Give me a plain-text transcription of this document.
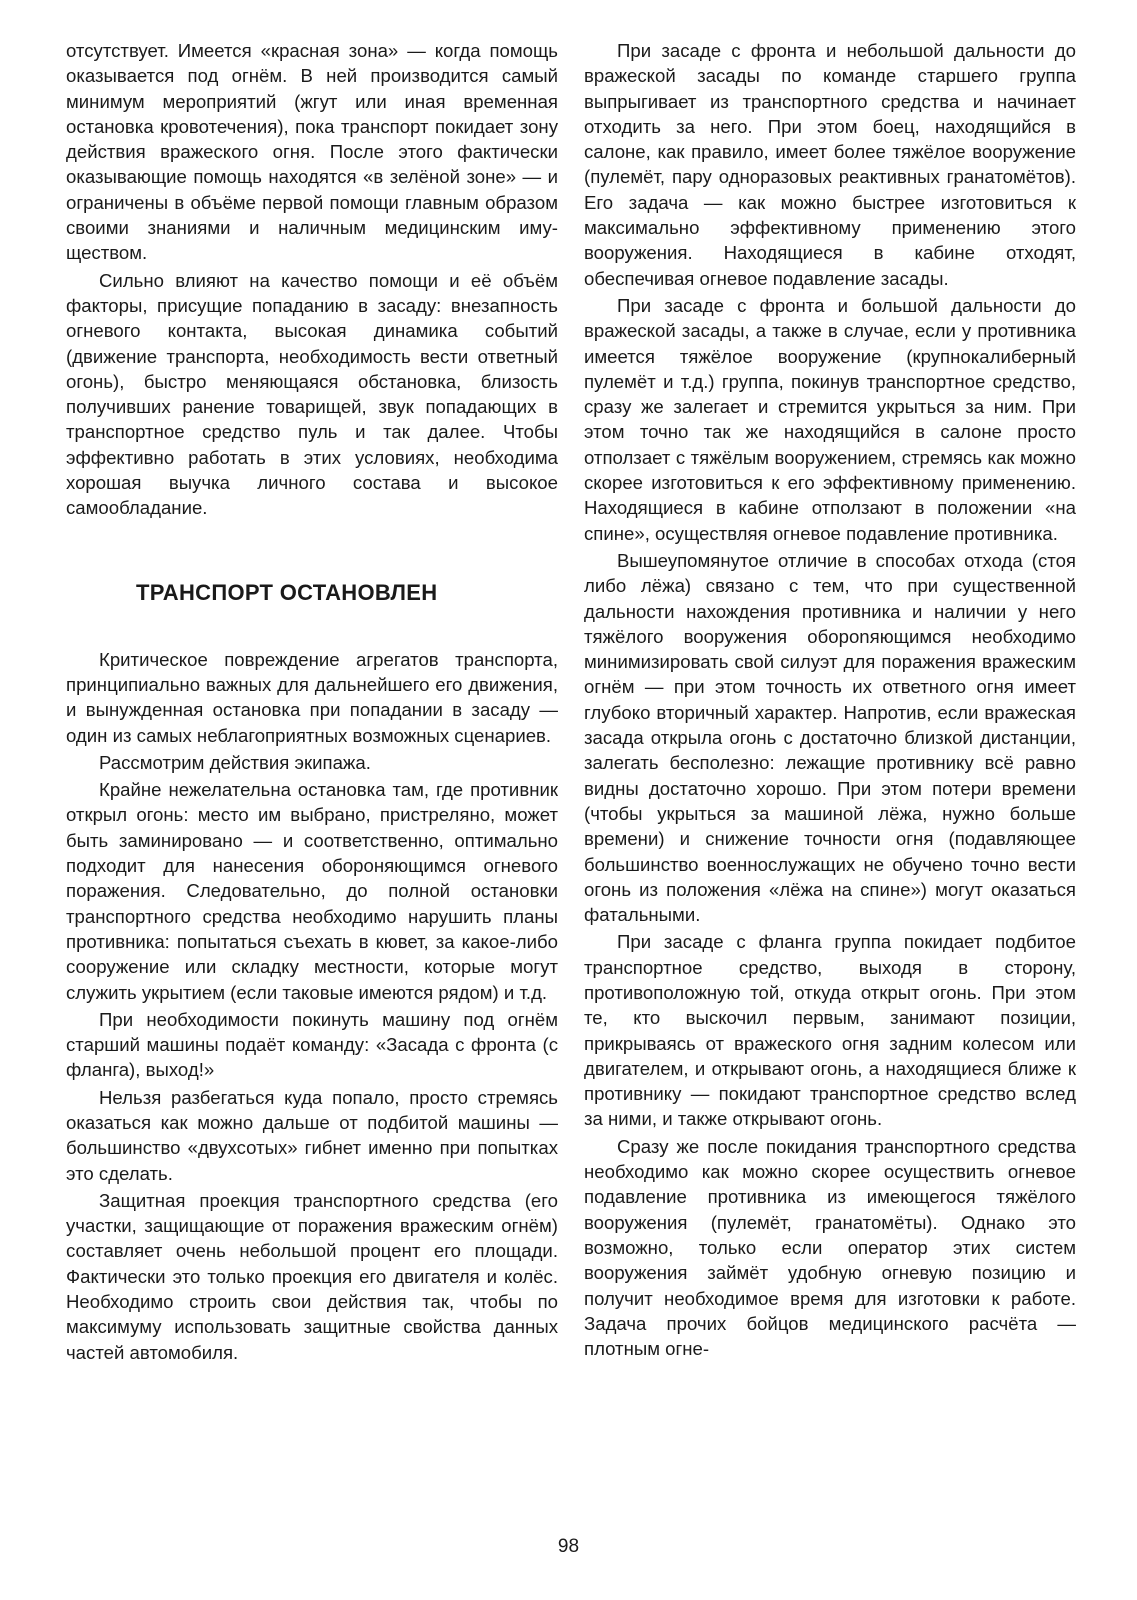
отсутствует. Имеется «красная зона» — когда помощь оказывается под огнём. В ней производится самый минимум мероприятий (жгут или иная временная остановка кровотечения), пока транспорт покидает зону действия вражеского огня. После этого фактически оказывающие помощь находятся «в зелёной зоне» — и ограничены в объёме первой помощи главным образом своими знаниями и наличным медицинским имуществом.

Сильно влияют на качество помощи и её объём факторы, присущие попаданию в засаду: внезапность огневого контакта, высокая динамика событий (движение транспорта, необходимость вести ответный огонь), быстро меняющаяся обстановка, близость получивших ранение товарищей, звук попадающих в транспортное средство пуль и так далее. Чтобы эффективно работать в этих условиях, необходима хорошая выучка личного состава и высокое самообладание.

ТРАНСПОРТ ОСТАНОВЛЕН

Критическое повреждение агрегатов транспорта, принципиально важных для дальнейшего его движения, и вынужденная остановка при попадании в засаду — один из самых неблагоприятных возможных сценариев.

Рассмотрим действия экипажа.

Крайне нежелательна остановка там, где противник открыл огонь: место им выбрано, пристреляно, может быть заминировано — и соответственно, оптимально подходит для нанесения обороняющимся огневого поражения. Следовательно, до полной остановки транспортного средства необходимо нарушить планы противника: попытаться съехать в кювет, за какое-либо сооружение или складку местности, которые могут служить укрытием (если таковые имеются рядом) и т.д.

При необходимости покинуть машину под огнём старший машины подаёт команду: «Засада с фронта (с фланга), выход!»

Нельзя разбегаться куда попало, просто стремясь оказаться как можно дальше от подбитой машины — большинство «двухсотых» гибнет именно при попытках это сделать.

Защитная проекция транспортного средства (его участки, защищающие от поражения вражеским огнём) составляет очень небольшой процент его площади. Фактически это только проекция его двигателя и колёс. Необходимо строить свои действия так, чтобы по максимуму использовать защитные свойства данных частей автомобиля.

При засаде с фронта и небольшой дальности до вражеской засады по команде старшего группа выпрыгивает из транспортного средства и начинает отходить за него. При этом боец, находящийся в салоне, как правило, имеет более тяжёлое вооружение (пулемёт, пару одноразовых реактивных гранатомётов). Его задача — как можно быстрее изготовиться к максимально эффективному применению этого вооружения. Находящиеся в кабине отходят, обеспечивая огневое подавление засады.

При засаде с фронта и большой дальности до вражеской засады, а также в случае, если у противника имеется тяжёлое вооружение (крупнокалиберный пулемёт и т.д.) группа, покинув транспортное средство, сразу же залегает и стремится укрыться за ним. При этом точно так же находящийся в салоне просто отползает с тяжёлым вооружением, стремясь как можно скорее изготовиться к его эффективному применению. Находящиеся в кабине отползают в положении «на спине», осуществляя огневое подавление противника.

Вышеупомянутое отличие в способах отхода (стоя либо лёжа) связано с тем, что при существенной дальности нахождения противника и наличии у него тяжёлого вооружения оборonяющимся необходимо минимизировать свой силуэт для поражения вражеским огнём — при этом точность их ответного огня имеет глубоко вторичный характер. Напротив, если вражеская засада открыла огонь с достаточно близкой дистанции, залегать бесполезно: лежащие противнику всё равно видны достаточно хорошо. При этом потери времени (чтобы укрыться за машиной лёжа, нужно больше времени) и снижение точности огня (подавляющее большинство военнослужащих не обучено точно вести огонь из положения «лёжа на спине») могут оказаться фатальными.

При засаде с фланга группа покидает подбитое транспортное средство, выходя в сторону, противоположную той, откуда открыт огонь. При этом те, кто выскочил первым, занимают позиции, прикрываясь от вражеского огня задним колесом или двигателем, и открывают огонь, а находящиеся ближе к противнику — покидают транспортное средство вслед за ними, и также открывают огонь.

Сразу же после покидания транспортного средства необходимо как можно скорее осуществить огневое подавление противника из имеющегося тяжёлого вооружения (пулемёт, гранатомёты). Однако это возможно, только если оператор этих систем вооружения займёт удобную огневую позицию и получит необходимое время для изготовки к работе. Задача прочих бойцов медицинского расчёта — плотным огне-

98
